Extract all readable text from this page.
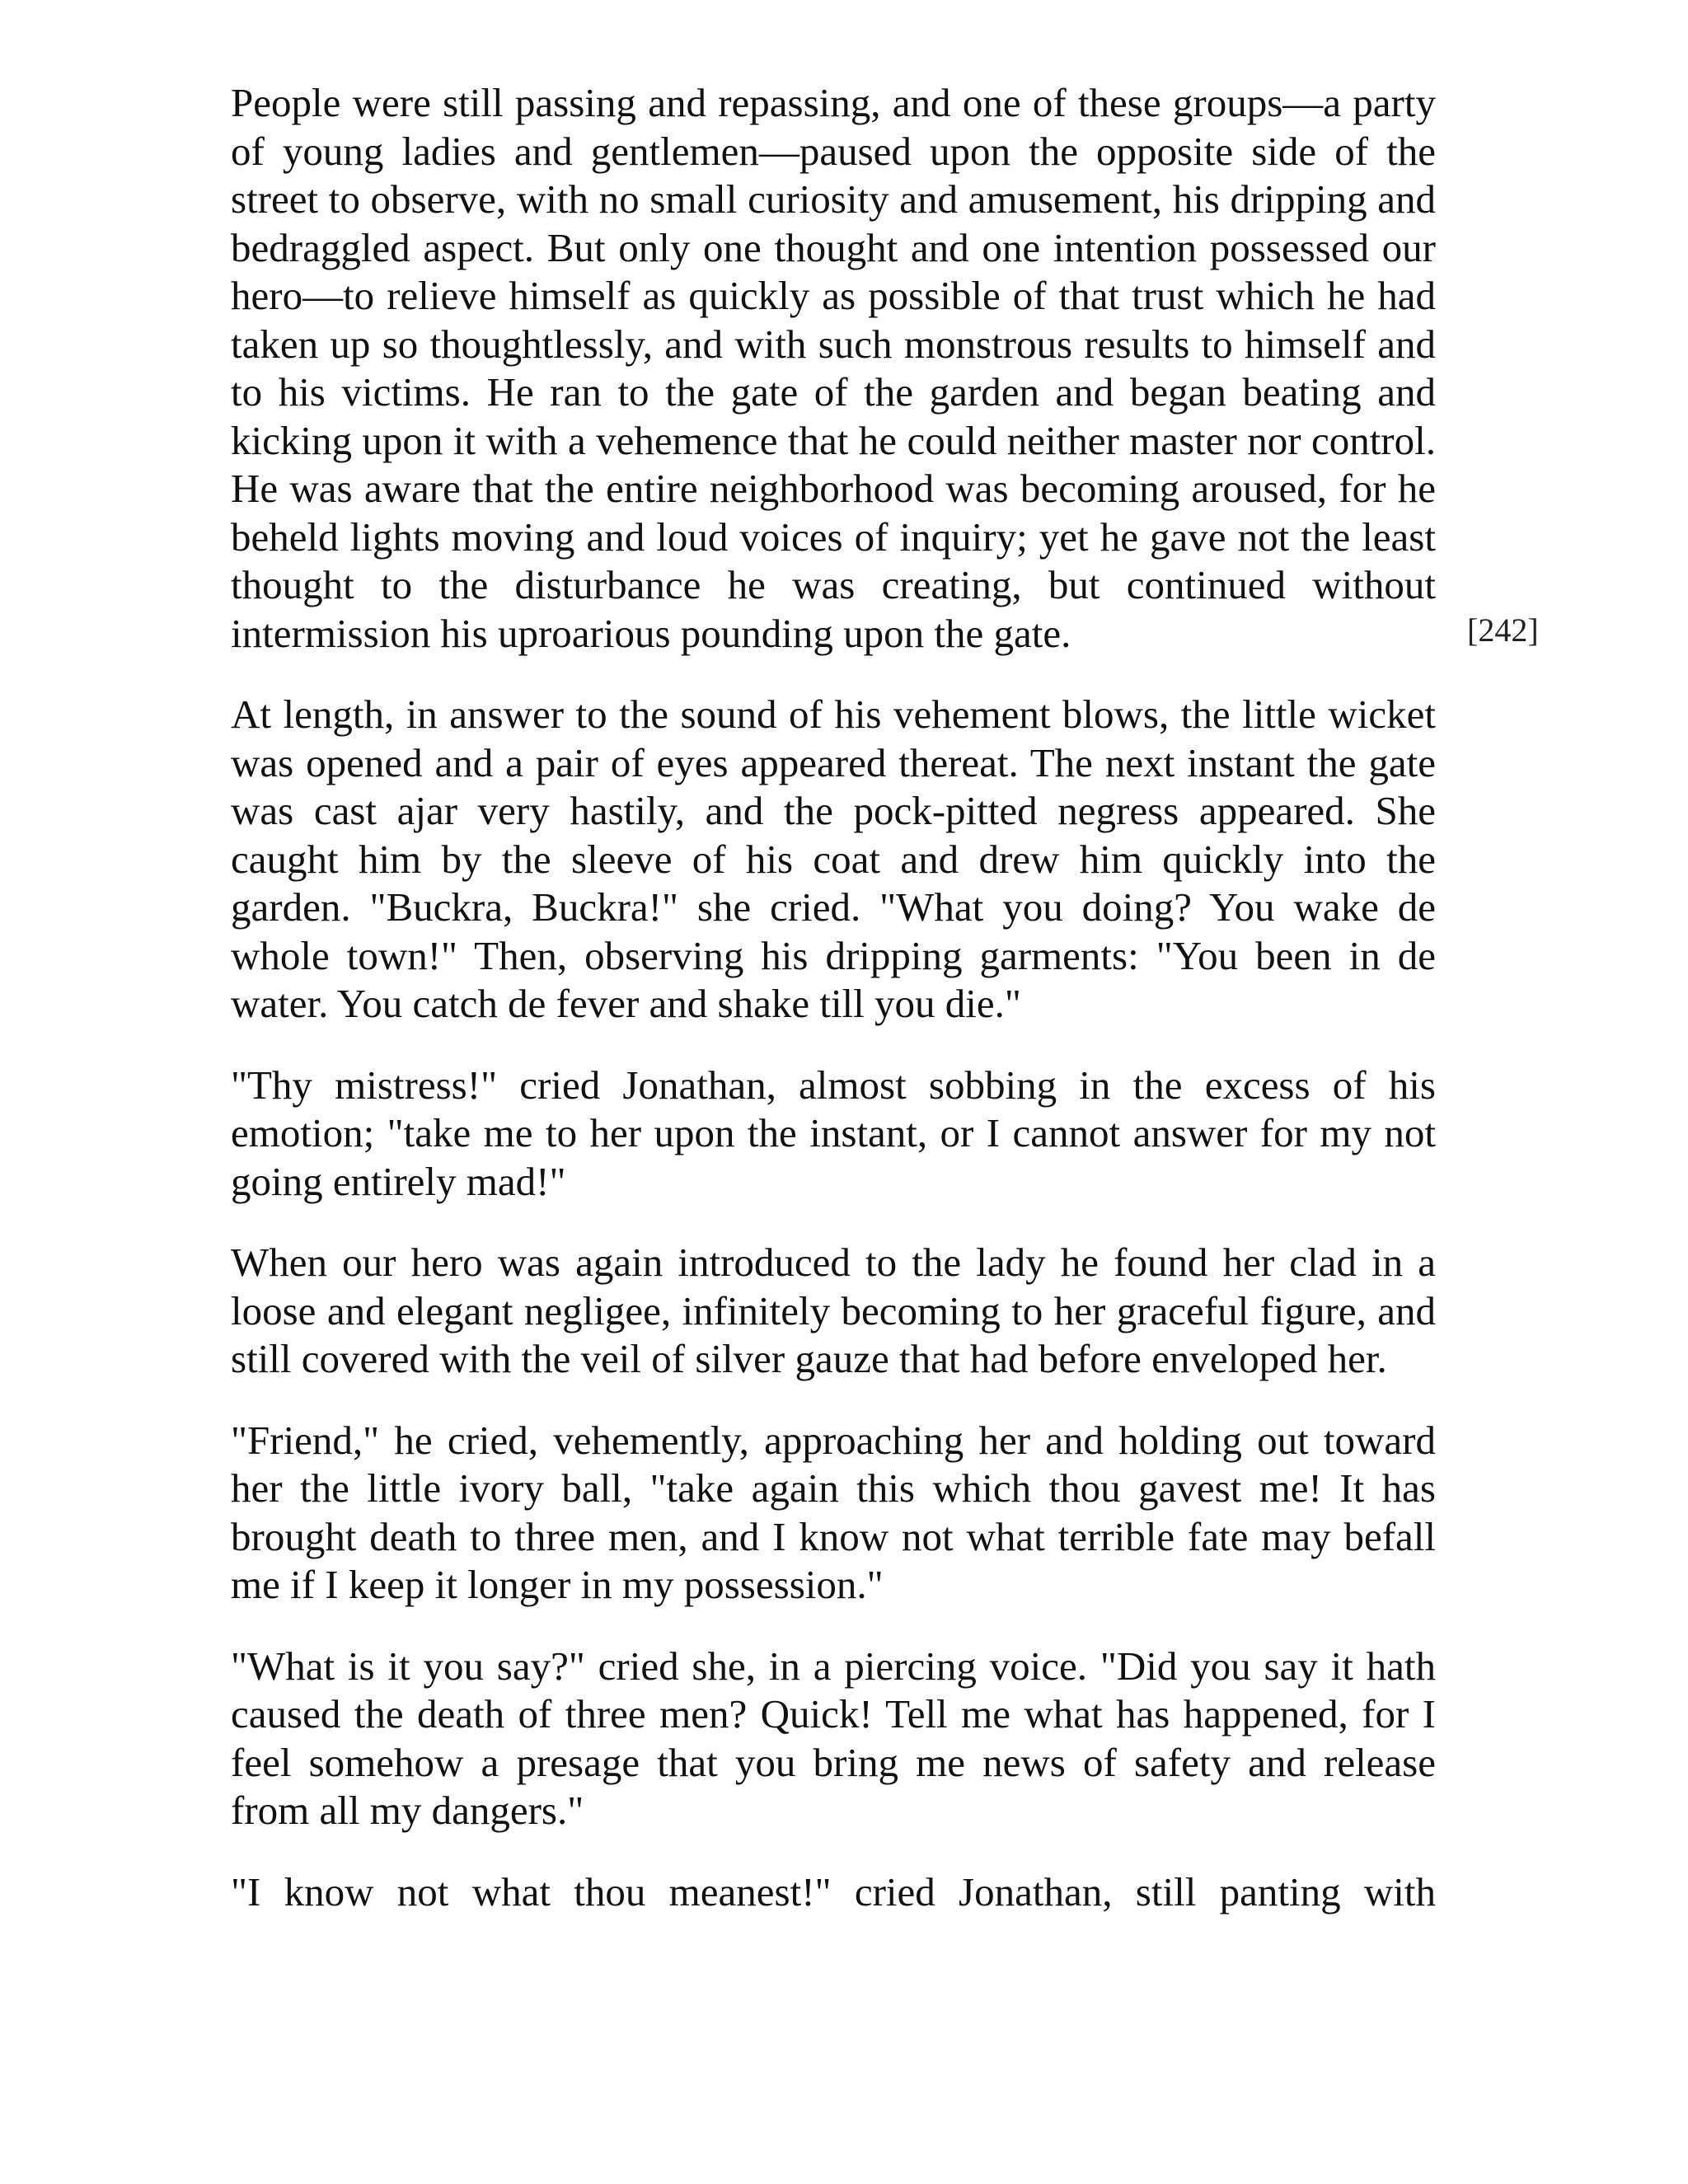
People were still passing and repassing, and one of these groups—a party of young ladies and gentlemen—paused upon the opposite side of the street to observe, with no small curiosity and amusement, his dripping and bedraggled aspect. But only one thought and one intention possessed our hero—to relieve himself as quickly as possible of that trust which he had taken up so thoughtlessly, and with such monstrous results to himself and to his victims. He ran to the gate of the garden and began beating and kicking upon it with a vehemence that he could neither master nor control. He was aware that the entire neighborhood was becoming aroused, for he beheld lights moving and loud voices of inquiry; yet he gave not the least thought to the disturbance he was creating, but continued without intermission his uproarious pounding upon the gate.

At length, in answer to the sound of his vehement blows, the little wicket was opened and a pair of eyes appeared thereat. The next instant the gate was cast ajar very hastily, and the pock-pitted negress appeared. She caught him by the sleeve of his coat and drew him quickly into the garden. "Buckra, Buckra!" she cried. "What you doing? You wake de whole town!" Then, observing his dripping garments: "You been in de water. You catch de fever and shake till you die."

"Thy mistress!" cried Jonathan, almost sobbing in the excess of his emotion; "take me to her upon the instant, or I cannot answer for my not going entirely mad!"

When our hero was again introduced to the lady he found her clad in a loose and elegant negligee, infinitely becoming to her graceful figure, and still covered with the veil of silver gauze that had before enveloped her.

"Friend," he cried, vehemently, approaching her and holding out toward her the little ivory ball, "take again this which thou gavest me! It has brought death to three men, and I know not what terrible fate may befall me if I keep it longer in my possession."

"What is it you say?" cried she, in a piercing voice. "Did you say it hath caused the death of three men? Quick! Tell me what has happened, for I feel somehow a presage that you bring me news of safety and release from all my dangers."

"I know not what thou meanest!" cried Jonathan, still panting with

[242]
